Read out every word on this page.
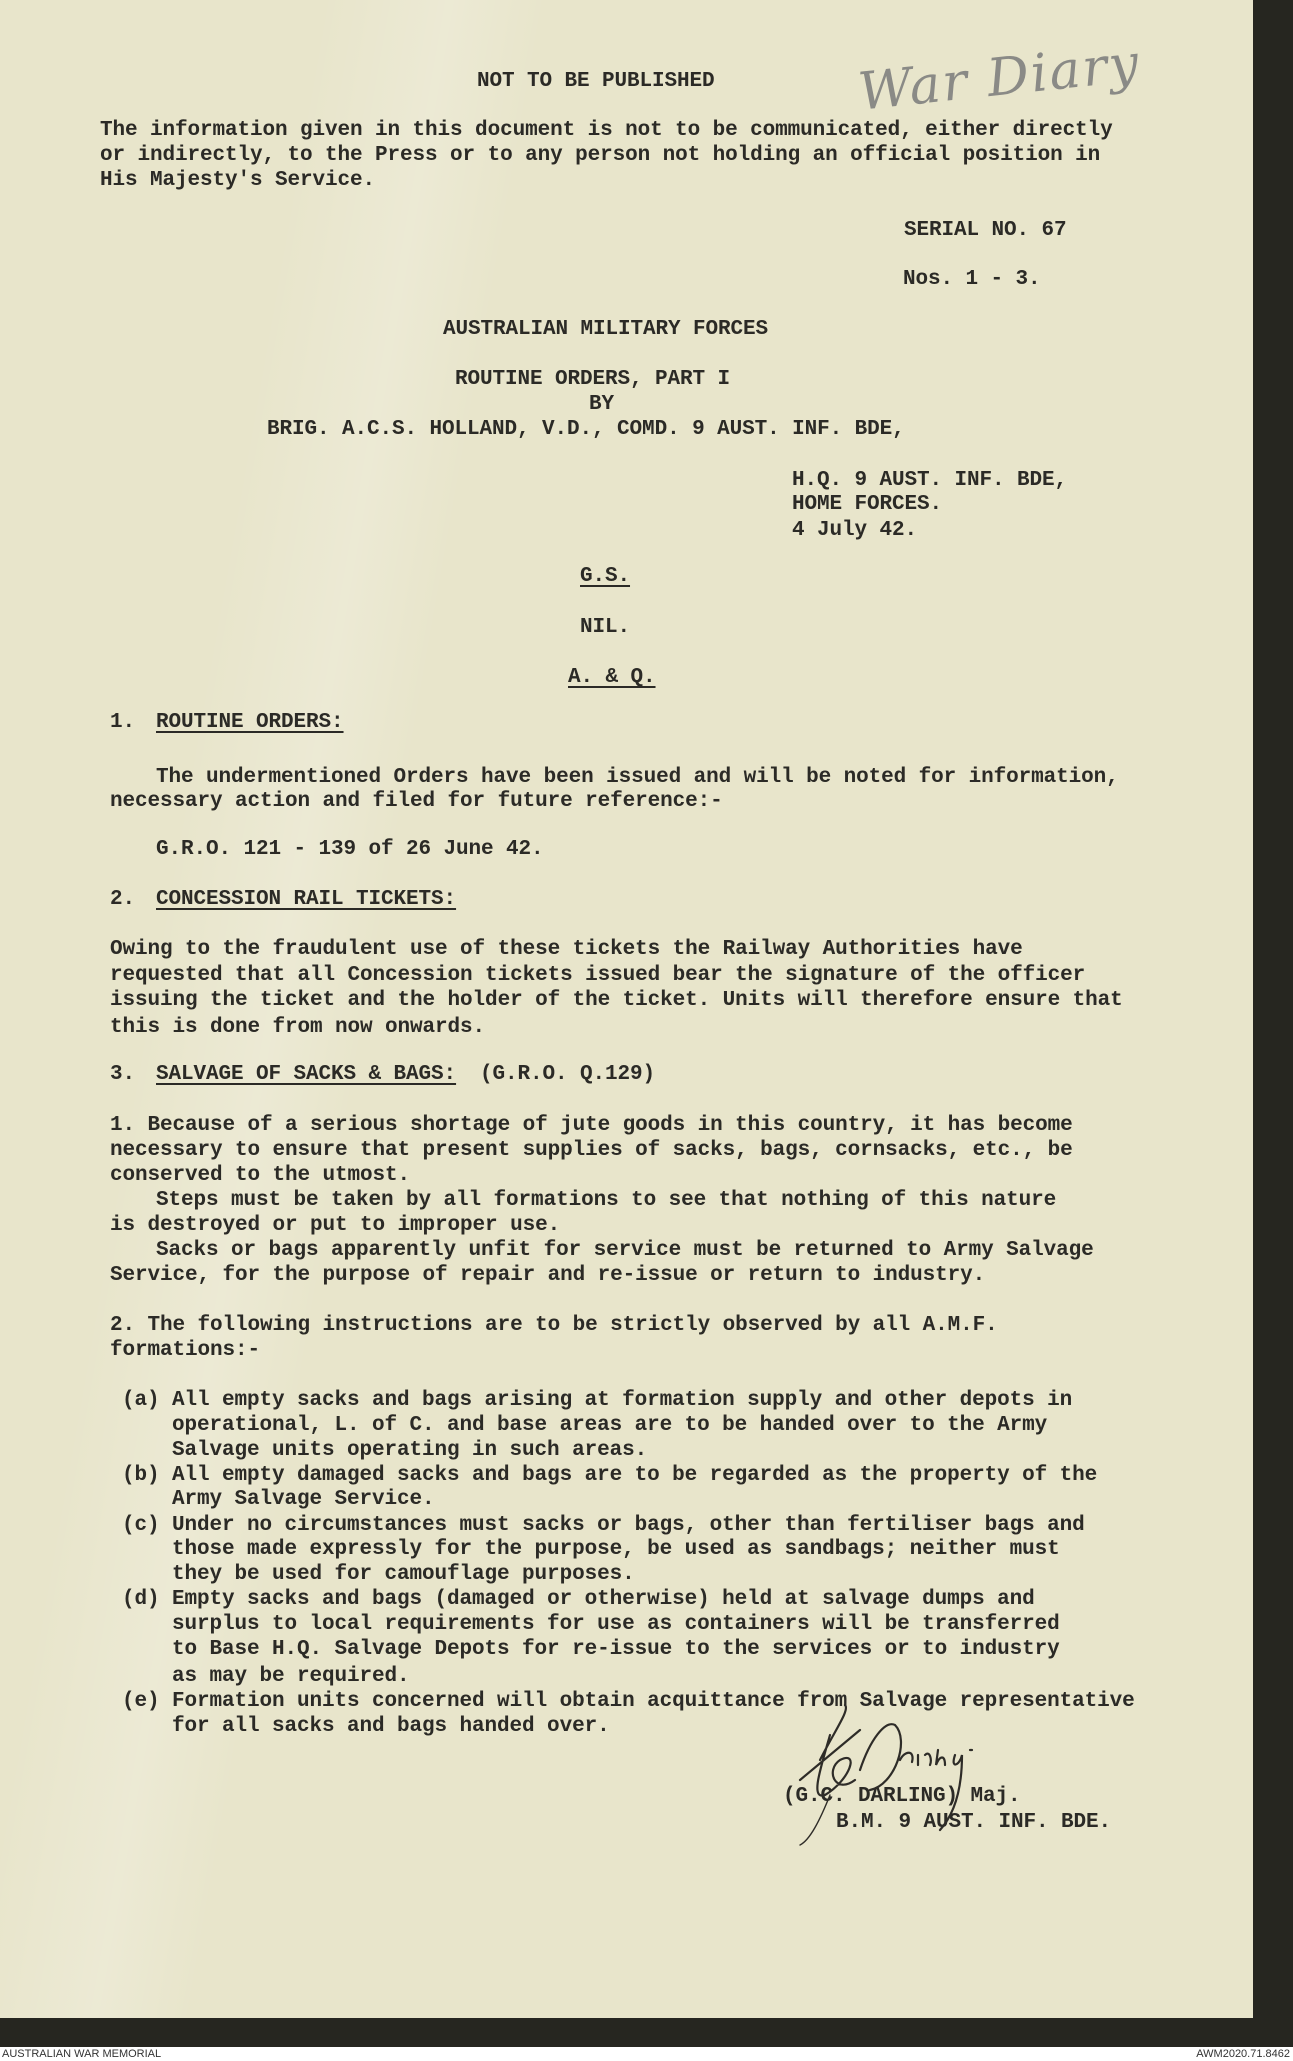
War Diary
NOT TO BE PUBLISHED
The information given in this document is not to be communicated, either directly
or indirectly, to the Press or to any person not holding an official position in
His Majesty's Service.
SERIAL NO. 67
Nos. 1 - 3.
AUSTRALIAN MILITARY FORCES
ROUTINE ORDERS, PART I
BY
BRIG. A.C.S. HOLLAND, V.D., COMD. 9 AUST. INF. BDE,
H.Q. 9 AUST. INF. BDE,
HOME FORCES.
4 July 42.
G.S.
NIL.
A. & Q.
1. ROUTINE ORDERS:
The undermentioned Orders have been issued and will be noted for information,
necessary action and filed for future reference:-
G.R.O. 121 - 139 of 26 June 42.
2. CONCESSION RAIL TICKETS:
Owing to the fraudulent use of these tickets the Railway Authorities have
requested that all Concession tickets issued bear the signature of the officer
issuing the ticket and the holder of the ticket. Units will therefore ensure that
this is done from now onwards.
3. SALVAGE OF SACKS & BAGS: (G.R.O. Q.129)
1. Because of a serious shortage of jute goods in this country, it has become
necessary to ensure that present supplies of sacks, bags, cornsacks, etc., be
conserved to the utmost.
Steps must be taken by all formations to see that nothing of this nature
is destroyed or put to improper use.
Sacks or bags apparently unfit for service must be returned to Army Salvage
Service, for the purpose of repair and re-issue or return to industry.
2. The following instructions are to be strictly observed by all A.M.F.
formations:-
(a) All empty sacks and bags arising at formation supply and other depots in
operational, L. of C. and base areas are to be handed over to the Army
Salvage units operating in such areas.
(b) All empty damaged sacks and bags are to be regarded as the property of the
Army Salvage Service.
(c) Under no circumstances must sacks or bags, other than fertiliser bags and
those made expressly for the purpose, be used as sandbags; neither must
they be used for camouflage purposes.
(d) Empty sacks and bags (damaged or otherwise) held at salvage dumps and
surplus to local requirements for use as containers will be transferred
to Base H.Q. Salvage Depots for re-issue to the services or to industry
as may be required.
(e) Formation units concerned will obtain acquittance from Salvage representative
for all sacks and bags handed over.
(G.C. DARLING) Maj.
B.M. 9 AUST. INF. BDE.
AUSTRALIAN WAR MEMORIAL	AWM2020.71.8462
